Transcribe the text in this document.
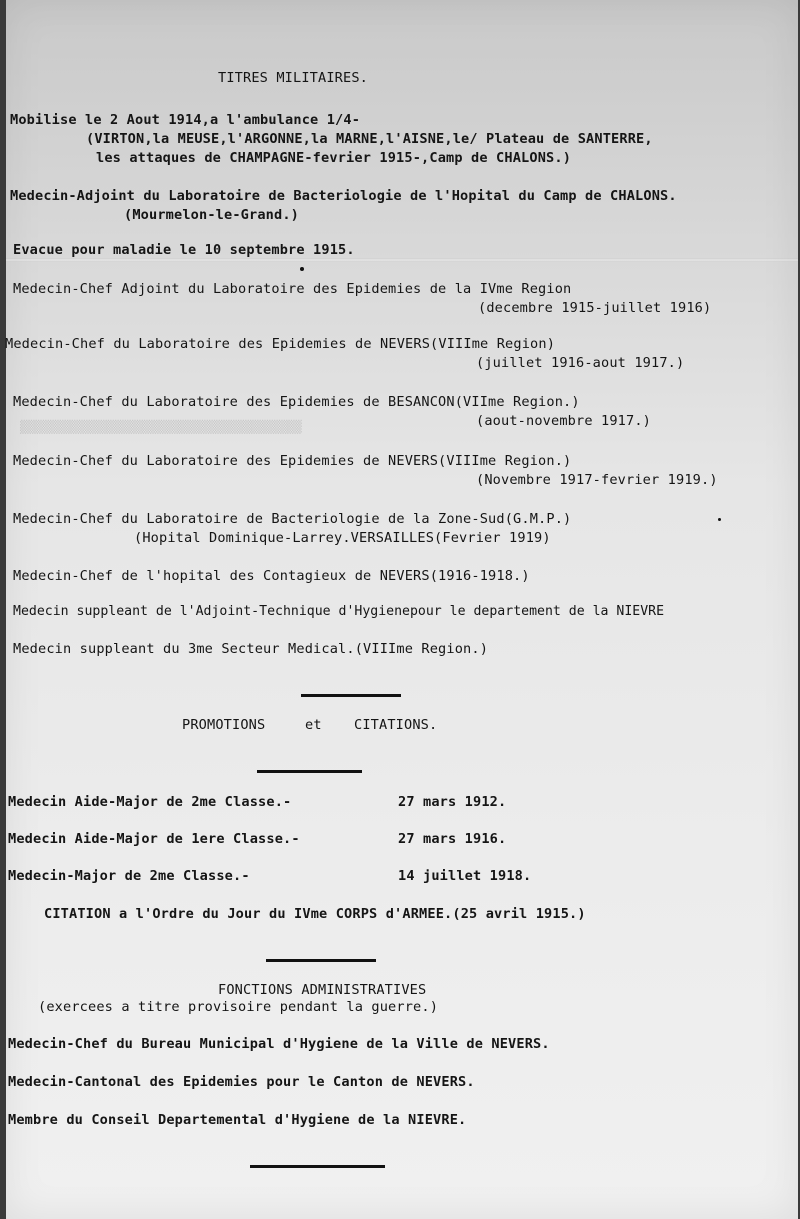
▒▒▒▒▒▒▒▒▒▒▒▒▒▒▒▒▒▒▒▒▒▒▒▒▒▒▒▒▒▒▒▒▒▒▒▒▒▒▒
TITRES MILITAIRES.
Mobilise le 2 Aout 1914,a l'ambulance 1/4-
(VIRTON,la MEUSE,l'ARGONNE,la MARNE,l'AISNE,le/ Plateau de SANTERRE,
les attaques de CHAMPAGNE-fevrier 1915-,Camp de CHALONS.)
Medecin-Adjoint du Laboratoire de Bacteriologie de l'Hopital du Camp de CHALONS.
(Mourmelon-le-Grand.)
Evacue pour maladie le 10 septembre 1915.
Medecin-Chef Adjoint du Laboratoire des Epidemies de la IVme Region
(decembre 1915-juillet 1916)
Medecin-Chef du Laboratoire des Epidemies de NEVERS(VIIIme Region)
(juillet 1916-aout 1917.)
Medecin-Chef du Laboratoire des Epidemies de BESANCON(VIIme Region.)
(aout-novembre 1917.)
Medecin-Chef du Laboratoire des Epidemies de NEVERS(VIIIme Region.)
(Novembre 1917-fevrier 1919.)
Medecin-Chef du Laboratoire de Bacteriologie de la Zone-Sud(G.M.P.)
(Hopital Dominique-Larrey.VERSAILLES(Fevrier 1919)
Medecin-Chef de l'hopital des Contagieux de NEVERS(1916-1918.)
Medecin suppleant de l'Adjoint-Technique d'Hygienepour le departement de la NIEVRE
Medecin suppleant du 3me Secteur Medical.(VIIIme Region.)
PROMOTIONS	et CITATIONS.
Medecin Aide-Major de 2me Classe.-	27 mars 1912.
Medecin Aide-Major de 1ere Classe.-	27 mars 1916.
Medecin-Major de 2me Classe.-	14 juillet 1918.
CITATION a l'Ordre du Jour du IVme CORPS d'ARMEE.(25 avril 1915.)
FONCTIONS ADMINISTRATIVES
(exercees a titre provisoire pendant la guerre.)
Medecin-Chef du Bureau Municipal d'Hygiene de la Ville de NEVERS.
Medecin-Cantonal des Epidemies pour le Canton de NEVERS.
Membre du Conseil Departemental d'Hygiene de la NIEVRE.
